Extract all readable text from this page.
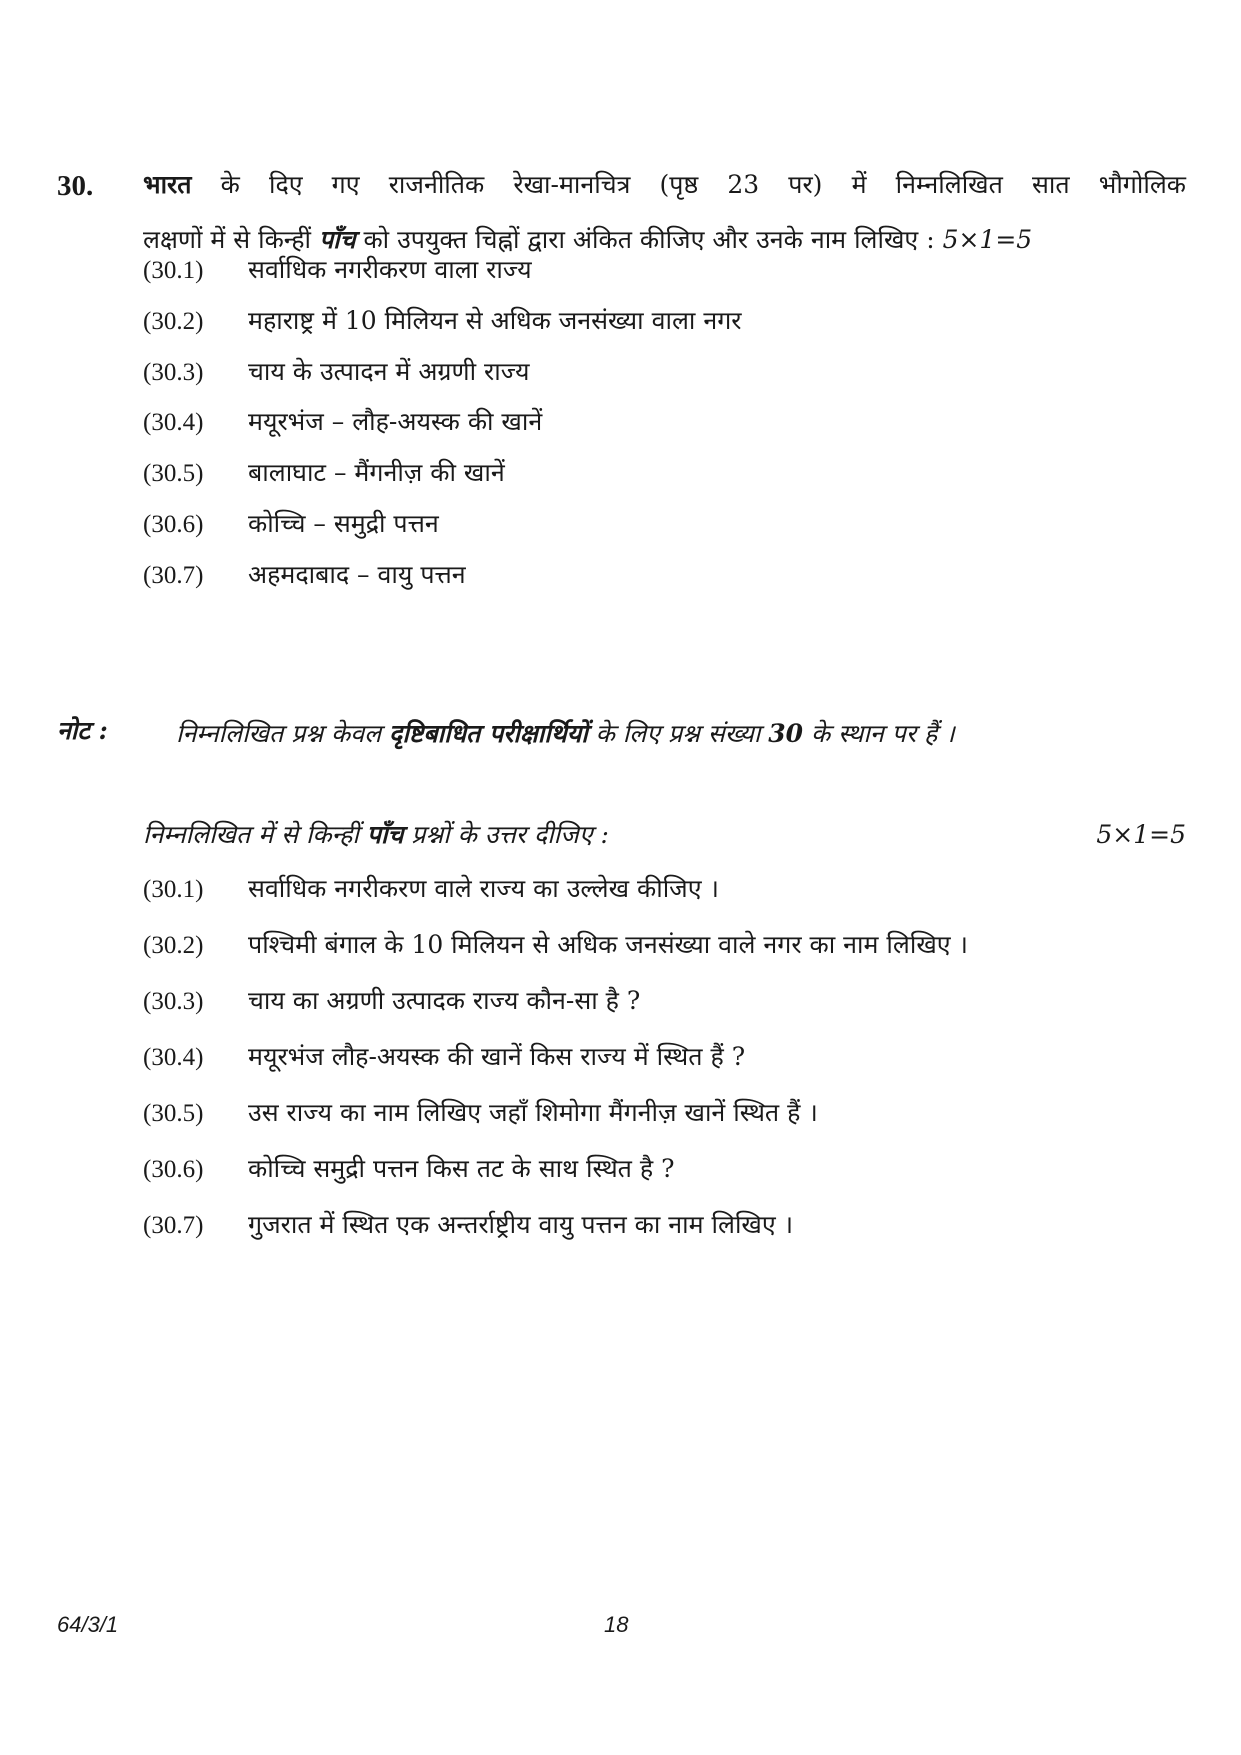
30. भारत के दिए गए राजनीतिक रेखा-मानचित्र (पृष्ठ 23 पर) में निम्नलिखित सात भौगोलिक
लक्षणों में से किन्हीं पाँच को उपयुक्त चिह्नों द्वारा अंकित कीजिए और उनके नाम लिखिए : 5×1=5
(30.1) सर्वाधिक नगरीकरण वाला राज्य
(30.2) महाराष्ट्र में 10 मिलियन से अधिक जनसंख्या वाला नगर
(30.3) चाय के उत्पादन में अग्रणी राज्य
(30.4) मयूरभंज – लौह-अयस्क की खानें
(30.5) बालाघाट – मैंगनीज़ की खानें
(30.6) कोच्चि – समुद्री पत्तन
(30.7) अहमदाबाद – वायु पत्तन
नोट :	निम्नलिखित प्रश्न केवल दृष्टिबाधित परीक्षार्थियों के लिए प्रश्न संख्या 30 के स्थान पर हैं ।
निम्नलिखित में से किन्हीं पाँच प्रश्नों के उत्तर दीजिए :	5×1=5
(30.1) सर्वाधिक नगरीकरण वाले राज्य का उल्लेख कीजिए ।
(30.2) पश्चिमी बंगाल के 10 मिलियन से अधिक जनसंख्या वाले नगर का नाम लिखिए ।
(30.3) चाय का अग्रणी उत्पादक राज्य कौन-सा है ?
(30.4) मयूरभंज लौह-अयस्क की खानें किस राज्य में स्थित हैं ?
(30.5) उस राज्य का नाम लिखिए जहाँ शिमोगा मैंगनीज़ खानें स्थित हैं ।
(30.6) कोच्चि समुद्री पत्तन किस तट के साथ स्थित है ?
(30.7) गुजरात में स्थित एक अन्तर्राष्ट्रीय वायु पत्तन का नाम लिखिए ।
64/3/1	18
